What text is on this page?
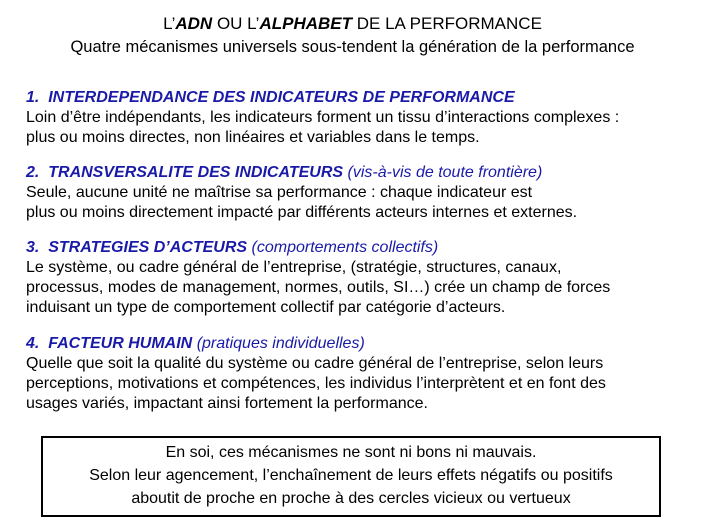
L’ADN OU L’ALPHABET DE LA PERFORMANCE
Quatre mécanismes universels sous-tendent la génération de la performance
1. INTERDEPENDANCE DES INDICATEURS DE PERFORMANCE
Loin d’être indépendants, les indicateurs forment un tissu d’interactions complexes :
plus ou moins directes, non linéaires et variables dans le temps.
2. TRANSVERSALITE DES INDICATEURS (vis-à-vis de toute frontière)
Seule, aucune unité ne maîtrise sa performance : chaque indicateur est
plus ou moins directement impacté par différents acteurs internes et externes.
3. STRATEGIES D’ACTEURS (comportements collectifs)
Le système, ou cadre général de l’entreprise, (stratégie, structures, canaux,
processus, modes de management, normes, outils, SI…) crée un champ de forces
induisant un type de comportement collectif par catégorie d’acteurs.
4. FACTEUR HUMAIN (pratiques individuelles)
Quelle que soit la qualité du système ou cadre général de l’entreprise, selon leurs
perceptions, motivations et compétences, les individus l’interprètent et en font des
usages variés, impactant ainsi fortement la performance.
En soi, ces mécanismes ne sont ni bons ni mauvais.
Selon leur agencement, l’enchaînement de leurs effets négatifs ou positifs
aboutit de proche en proche à des cercles vicieux ou vertueux
